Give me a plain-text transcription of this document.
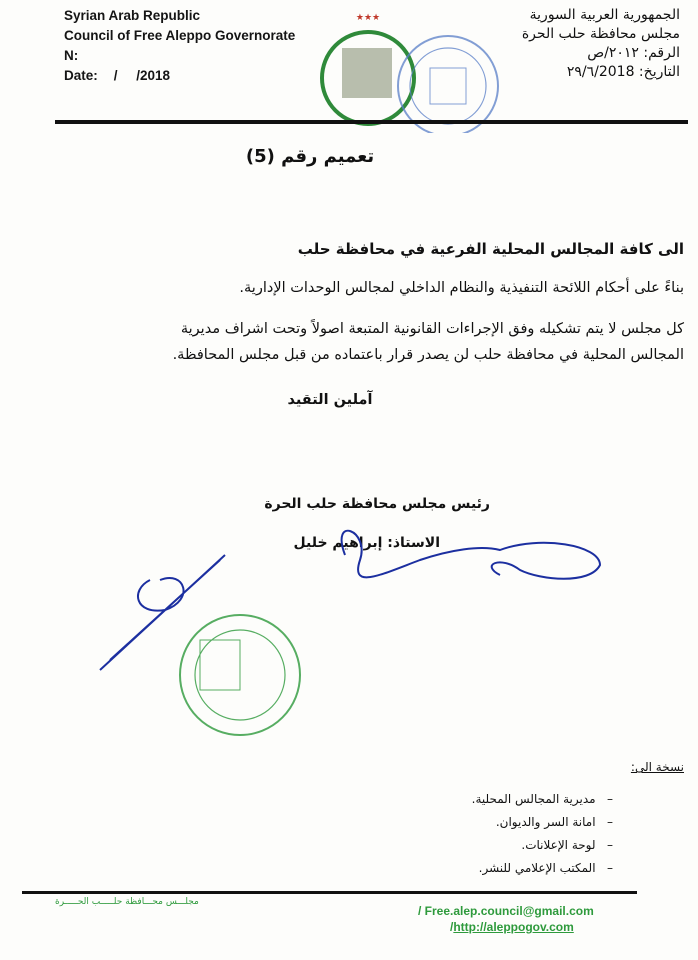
Syrian Arab Republic
Council of Free Aleppo Governorate
N:
Date: /     /2018
★★★	الجمهورية العربية السورية
مجلس محافظة حلب الحرة
الرقم: ٢٠١٢/ص
التاريخ: ٢٩/٦/2018
تعميم رقم (5)
الى كافة المجالس المحلية الفرعية في محافظة حلب
بناءً على أحكام اللائحة التنفيذية والنظام الداخلي لمجالس الوحدات الإدارية.
كل مجلس لا يتم تشكيله وفق الإجراءات القانونية المتبعة اصولاً وتحت اشراف مديرية
المجالس المحلية في محافظة حلب لن يصدر قرار باعتماده من قبل مجلس المحافظة.
آملين التقيد
رئيس مجلس محافظة حلب الحرة
الاستاذ: إبراهيم خليل
نسخة الى:
–   مديرية المجالس المحلية.
–   امانة السر والديوان.
–   لوحة الإعلانات.
–   المكتب الإعلامي للنشر.
مجلـــس محـــافظة حلـــــب الحـــــرة
/ Free.alep.council@gmail.com
/http://aleppogov.com
